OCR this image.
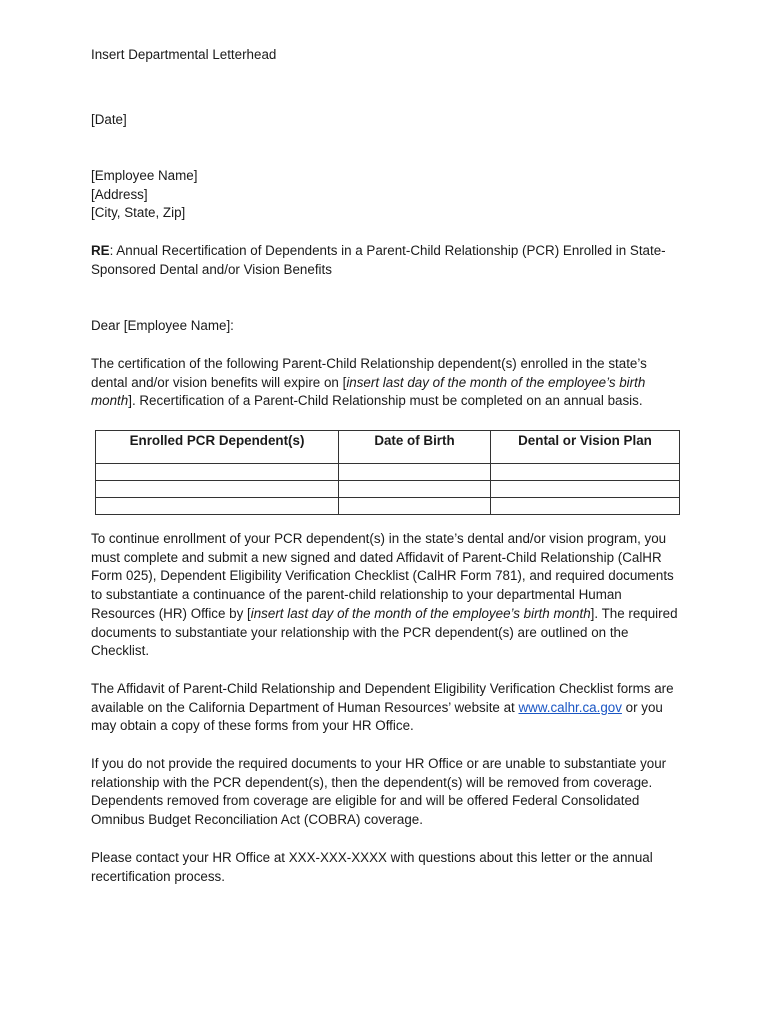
Insert Departmental Letterhead

[Date]

[Employee Name]
[Address]
[City, State, Zip]

RE: Annual Recertification of Dependents in a Parent-Child Relationship (PCR) Enrolled in State-Sponsored Dental and/or Vision Benefits

Dear [Employee Name]:

The certification of the following Parent-Child Relationship dependent(s) enrolled in the state’s dental and/or vision benefits will expire on [insert last day of the month of the employee’s birth month]. Recertification of a Parent-Child Relationship must be completed on an annual basis.

Enrolled PCR Dependent(s)	Date of Birth	Dental or Vision Plan

To continue enrollment of your PCR dependent(s) in the state’s dental and/or vision program, you must complete and submit a new signed and dated Affidavit of Parent-Child Relationship (CalHR Form 025), Dependent Eligibility Verification Checklist (CalHR Form 781), and required documents to substantiate a continuance of the parent-child relationship to your departmental Human Resources (HR) Office by [insert last day of the month of the employee’s birth month]. The required documents to substantiate your relationship with the PCR dependent(s) are outlined on the Checklist.

The Affidavit of Parent-Child Relationship and Dependent Eligibility Verification Checklist forms are available on the California Department of Human Resources’ website at www.calhr.ca.gov or you may obtain a copy of these forms from your HR Office.

If you do not provide the required documents to your HR Office or are unable to substantiate your relationship with the PCR dependent(s), then the dependent(s) will be removed from coverage. Dependents removed from coverage are eligible for and will be offered Federal Consolidated Omnibus Budget Reconciliation Act (COBRA) coverage.

Please contact your HR Office at XXX-XXX-XXXX with questions about this letter or the annual recertification process.
